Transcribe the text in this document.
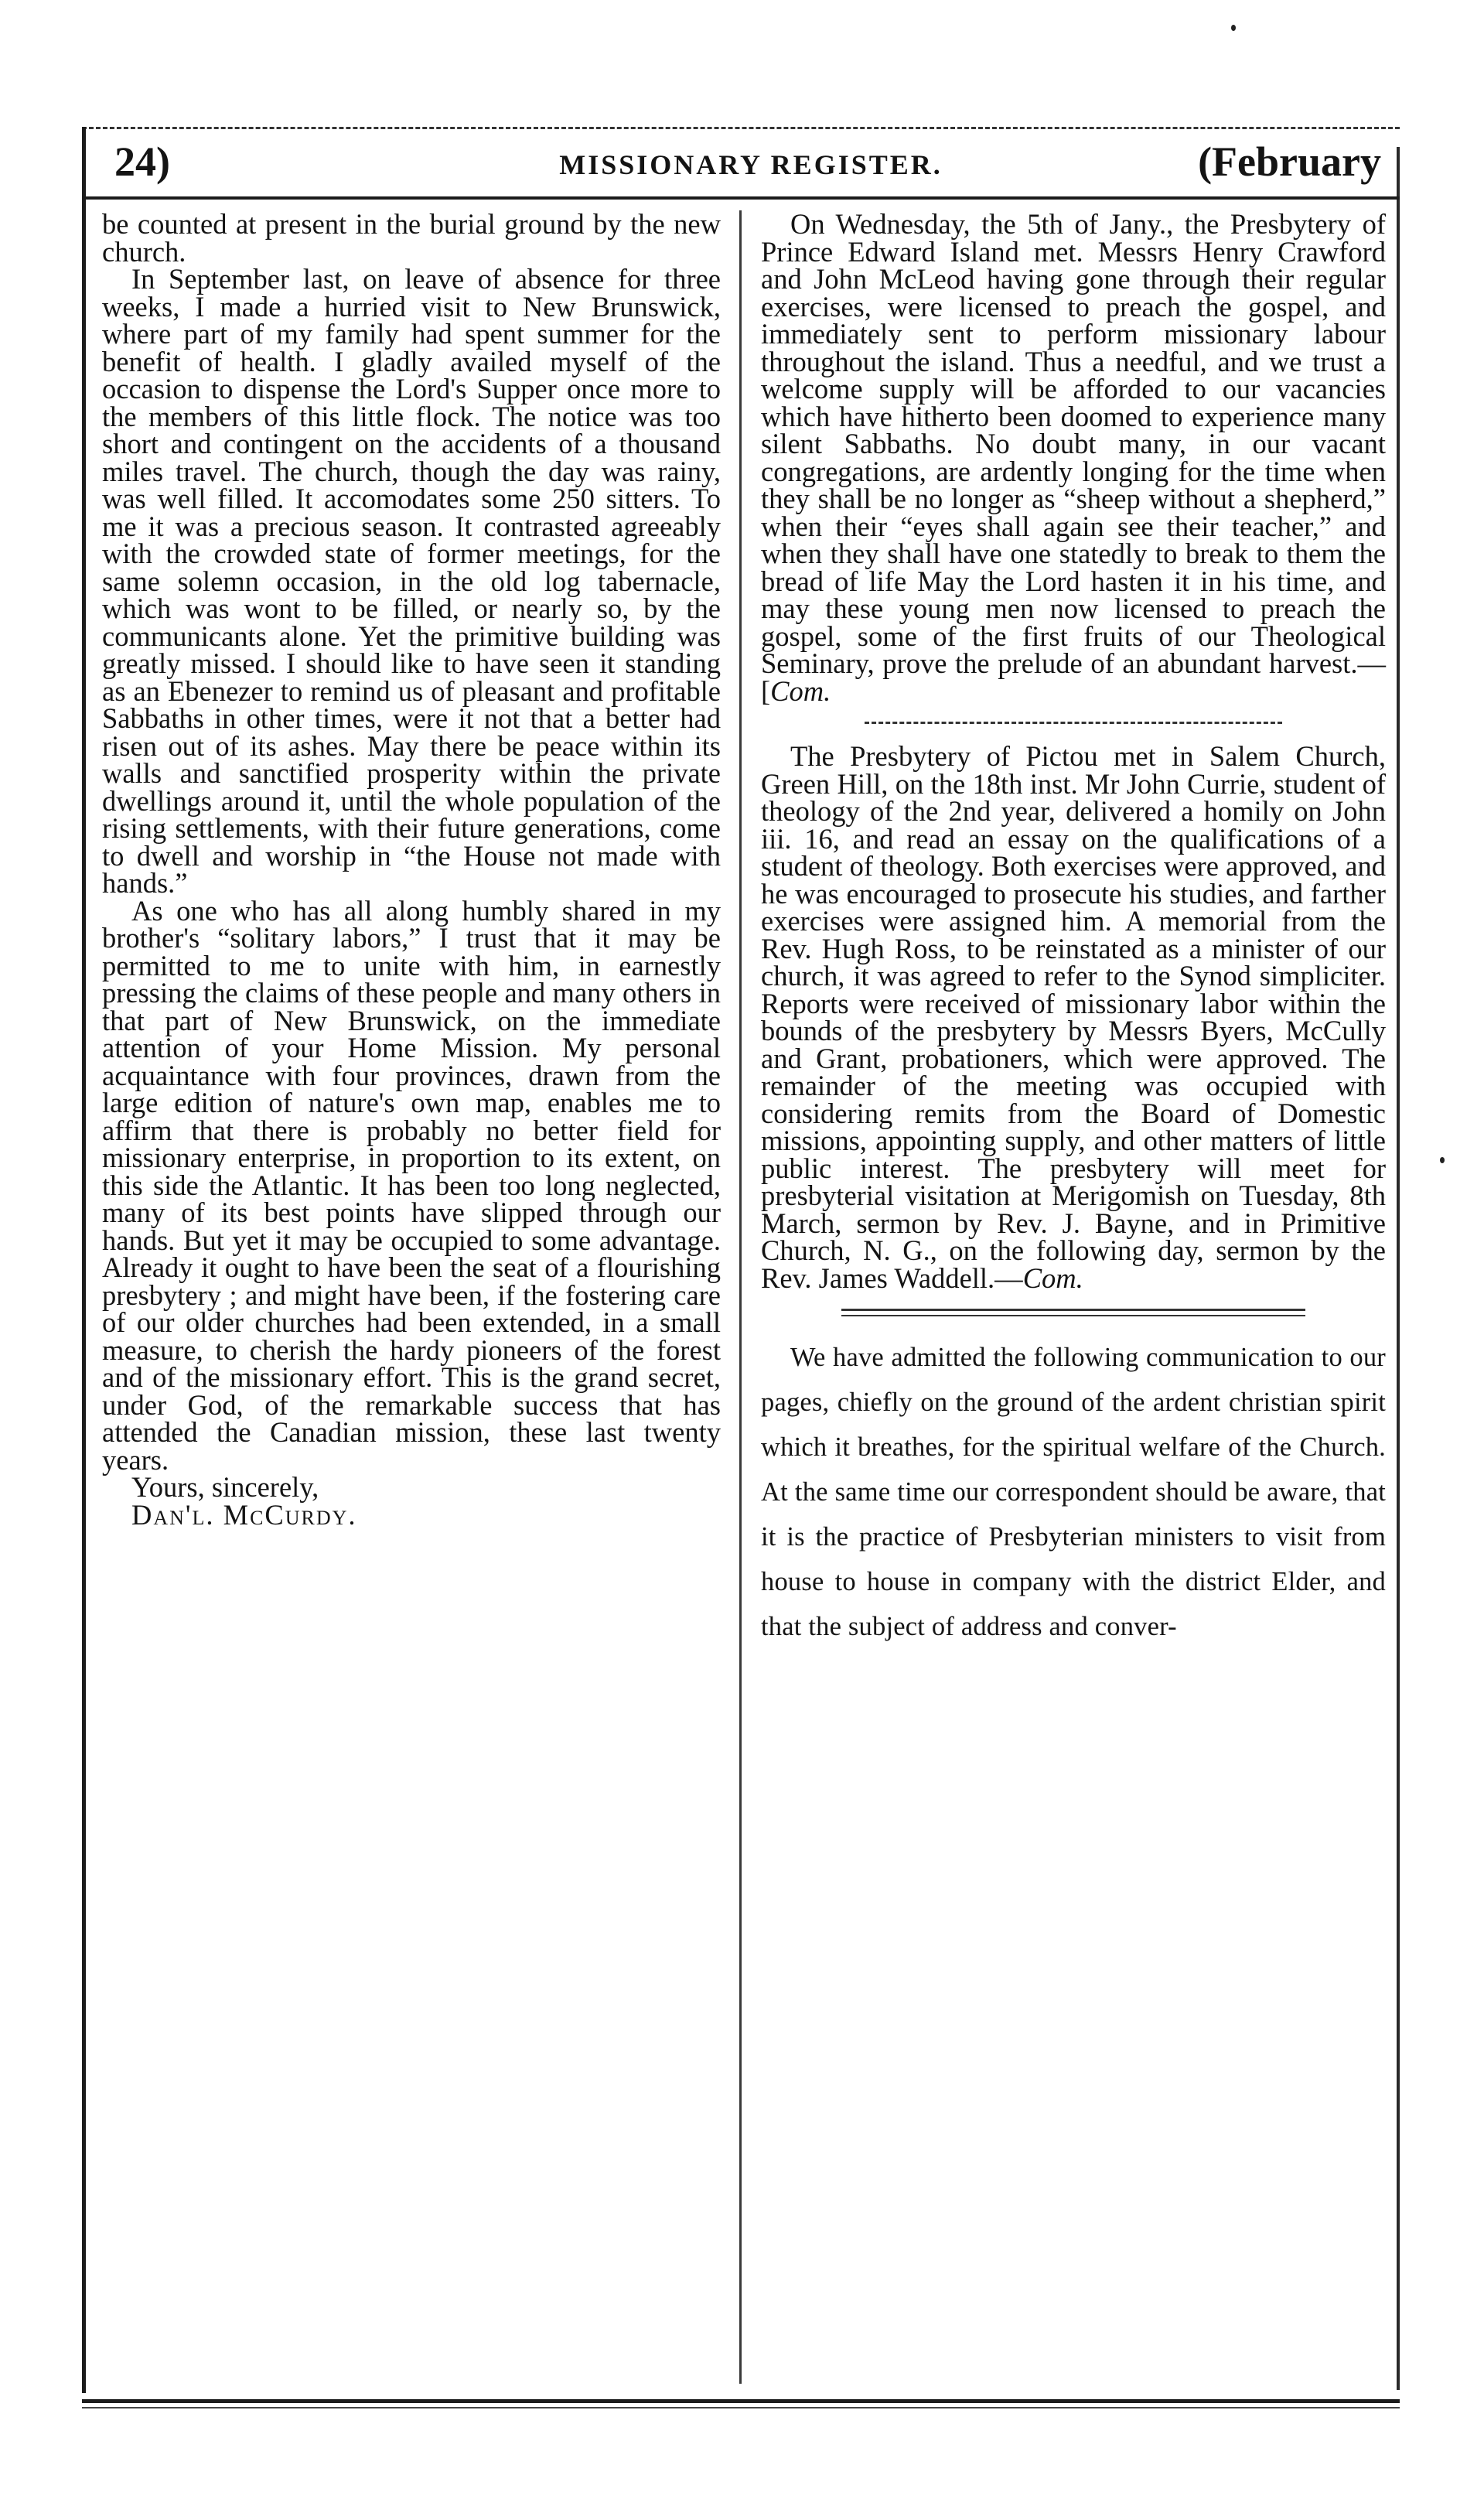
24)	MISSIONARY REGISTER.	(February

be counted at present in the burial ground by the new church.

In September last, on leave of absence for three weeks, I made a hurried visit to New Brunswick, where part of my family had spent summer for the benefit of health. I gladly availed myself of the occasion to dispense the Lord's Supper once more to the members of this little flock. The notice was too short and contingent on the accidents of a thousand miles travel. The church, though the day was rainy, was well filled. It accomodates some 250 sitters. To me it was a precious season. It contrasted agreeably with the crowded state of former meetings, for the same solemn occasion, in the old log tabernacle, which was wont to be filled, or nearly so, by the communicants alone. Yet the primitive building was greatly missed. I should like to have seen it standing as an Ebenezer to remind us of pleasant and profitable Sabbaths in other times, were it not that a better had risen out of its ashes. May there be peace within its walls and sanctified prosperity within the private dwellings around it, until the whole population of the rising settlements, with their future generations, come to dwell and worship in “the House not made with hands.”

As one who has all along humbly shared in my brother's “solitary labors,” I trust that it may be permitted to me to unite with him, in earnestly pressing the claims of these people and many others in that part of New Brunswick, on the immediate attention of your Home Mission. My personal acquaintance with four provinces, drawn from the large edition of nature's own map, enables me to affirm that there is probably no better field for missionary enterprise, in proportion to its extent, on this side the Atlantic. It has been too long neglected, many of its best points have slipped through our hands. But yet it may be occupied to some advantage. Already it ought to have been the seat of a flourishing presbytery ; and might have been, if the fostering care of our older churches had been extended, in a small measure, to cherish the hardy pioneers of the forest and of the missionary effort. This is the grand secret, under God, of the remarkable success that has attended the Canadian mission, these last twenty years.

Yours, sincerely,

Dan'l. McCurdy.

On Wednesday, the 5th of Jany., the Presbytery of Prince Edward Island met. Messrs Henry Crawford and John McLeod having gone through their regular exercises, were licensed to preach the gospel, and immediately sent to perform missionary labour throughout the island. Thus a needful, and we trust a welcome supply will be afforded to our vacancies which have hitherto been doomed to experience many silent Sabbaths. No doubt many, in our vacant congregations, are ardently longing for the time when they shall be no longer as “sheep without a shepherd,” when their “eyes shall again see their teacher,” and when they shall have one statedly to break to them the bread of life May the Lord hasten it in his time, and may these young men now licensed to preach the gospel, some of the first fruits of our Theological Seminary, prove the prelude of an abundant harvest.—[Com.

The Presbytery of Pictou met in Salem Church, Green Hill, on the 18th inst. Mr John Currie, student of theology of the 2nd year, delivered a homily on John iii. 16, and read an essay on the qualifications of a student of theology. Both exercises were approved, and he was encouraged to prosecute his studies, and farther exercises were assigned him. A memorial from the Rev. Hugh Ross, to be reinstated as a minister of our church, it was agreed to refer to the Synod simpliciter. Reports were received of missionary labor within the bounds of the presbytery by Messrs Byers, McCully and Grant, probationers, which were approved. The remainder of the meeting was occupied with considering remits from the Board of Domestic missions, appointing supply, and other matters of little public interest. The presbytery will meet for presbyterial visitation at Merigomish on Tuesday, 8th March, sermon by Rev. J. Bayne, and in Primitive Church, N. G., on the following day, sermon by the Rev. James Waddell.—Com.

We have admitted the following communication to our pages, chiefly on the ground of the ardent christian spirit which it breathes, for the spiritual welfare of the Church. At the same time our correspondent should be aware, that it is the practice of Presbyterian ministers to visit from house to house in company with the district Elder, and that the subject of address and conver-
